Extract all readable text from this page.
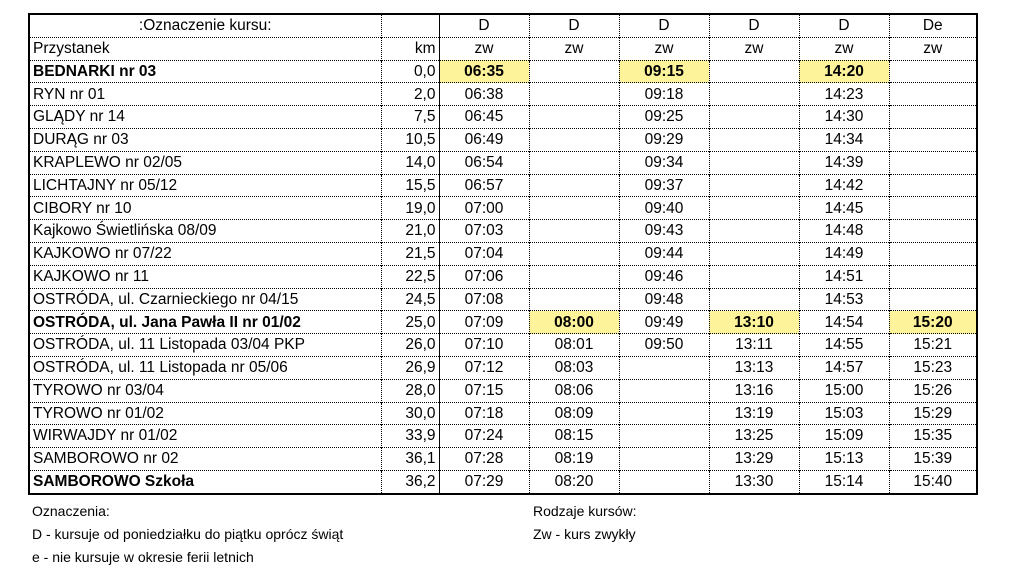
:Oznaczenie kursu:		D	D	D	D	D	De
Przystanek	km	zw	zw	zw	zw	zw	zw
BEDNARKI nr 03	0,0	06:35		09:15		14:20	
RYN nr 01	2,0	06:38		09:18		14:23	
GLĄDY nr 14	7,5	06:45		09:25		14:30	
DURĄG nr 03	10,5	06:49		09:29		14:34	
KRAPLEWO nr 02/05	14,0	06:54		09:34		14:39	
LICHTAJNY nr 05/12	15,5	06:57		09:37		14:42	
CIBORY nr 10	19,0	07:00		09:40		14:45	
Kajkowo Świetlińska 08/09	21,0	07:03		09:43		14:48	
KAJKOWO nr 07/22	21,5	07:04		09:44		14:49	
KAJKOWO nr 11	22,5	07:06		09:46		14:51	
OSTRÓDA, ul. Czarnieckiego nr 04/15	24,5	07:08		09:48		14:53	
OSTRÓDA, ul. Jana Pawła II nr 01/02	25,0	07:09	08:00	09:49	13:10	14:54	15:20
OSTRÓDA, ul. 11 Listopada 03/04 PKP	26,0	07:10	08:01	09:50	13:11	14:55	15:21
OSTRÓDA, ul. 11 Listopada nr 05/06	26,9	07:12	08:03		13:13	14:57	15:23
TYROWO nr 03/04	28,0	07:15	08:06		13:16	15:00	15:26
TYROWO nr 01/02	30,0	07:18	08:09		13:19	15:03	15:29
WIRWAJDY nr 01/02	33,9	07:24	08:15		13:25	15:09	15:35
SAMBOROWO nr 02	36,1	07:28	08:19		13:29	15:13	15:39
SAMBOROWO Szkoła	36,2	07:29	08:20		13:30	15:14	15:40
Oznaczenia:
D - kursuje od poniedziałku do piątku oprócz świąt
e - nie kursuje w okresie ferii letnich
Rodzaje kursów:
Zw - kurs zwykły
